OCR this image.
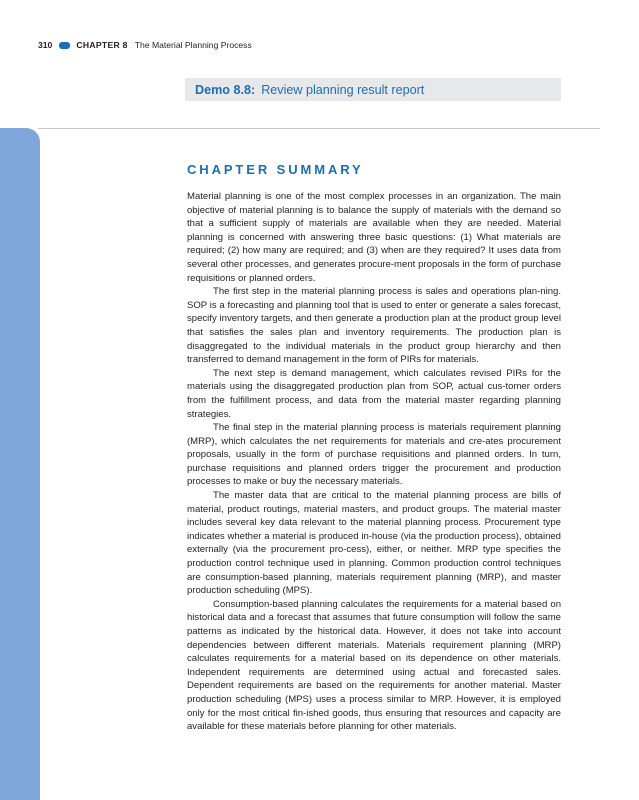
310	CHAPTER 8 The Material Planning Process
Demo 8.8: Review planning result report
CHAPTER SUMMARY

Material planning is one of the most complex processes in an organization. The main objective of material planning is to balance the supply of materials with the demand so that a sufficient supply of materials are available when they are needed. Material planning is concerned with answering three basic questions: (1) What materials are required; (2) how many are required; and (3) when are they required? It uses data from several other processes, and generates procure-ment proposals in the form of purchase requisitions or planned orders.

The first step in the material planning process is sales and operations plan-ning. SOP is a forecasting and planning tool that is used to enter or generate a sales forecast, specify inventory targets, and then generate a production plan at the product group level that satisfies the sales plan and inventory requirements. The production plan is disaggregated to the individual materials in the product group hierarchy and then transferred to demand management in the form of PIRs for materials.

The next step is demand management, which calculates revised PIRs for the materials using the disaggregated production plan from SOP, actual cus-tomer orders from the fulfillment process, and data from the material master regarding planning strategies.

The final step in the material planning process is materials requirement planning (MRP), which calculates the net requirements for materials and cre-ates procurement proposals, usually in the form of purchase requisitions and planned orders. In turn, purchase requisitions and planned orders trigger the procurement and production processes to make or buy the necessary materials.

The master data that are critical to the material planning process are bills of material, product routings, material masters, and product groups. The material master includes several key data relevant to the material planning process. Procurement type indicates whether a material is produced in-house (via the production process), obtained externally (via the procurement pro-cess), either, or neither. MRP type specifies the production control technique used in planning. Common production control techniques are consumption-based planning, materials requirement planning (MRP), and master production scheduling (MPS).

Consumption-based planning calculates the requirements for a material based on historical data and a forecast that assumes that future consumption will follow the same patterns as indicated by the historical data. However, it does not take into account dependencies between different materials. Materials requirement planning (MRP) calculates requirements for a material based on its dependence on other materials. Independent requirements are determined using actual and forecasted sales. Dependent requirements are based on the requirements for another material. Master production scheduling (MPS) uses a process similar to MRP. However, it is employed only for the most critical fin-ished goods, thus ensuring that resources and capacity are available for these materials before planning for other materials.
